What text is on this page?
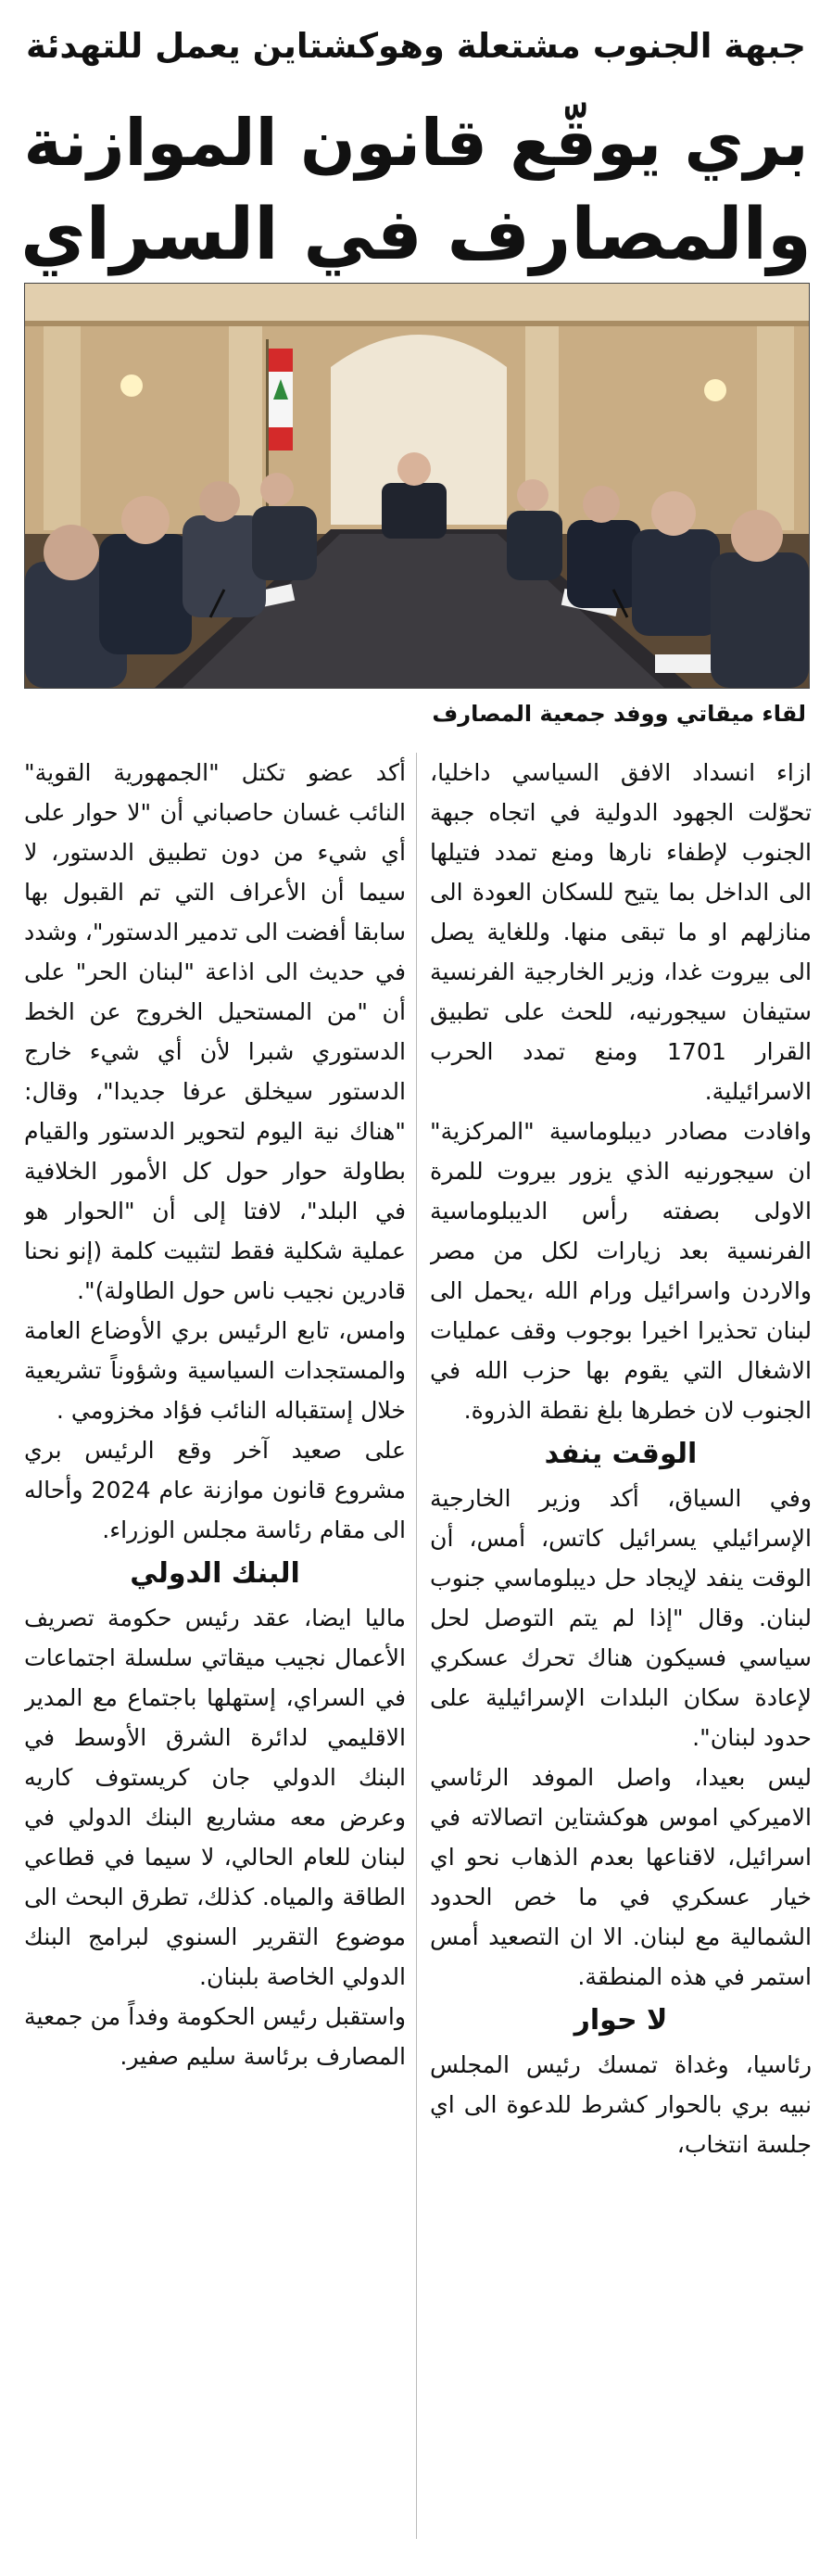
جبهة الجنوب مشتعلة وهوكشتاين يعمل للتهدئة
بري يوقّع قانون الموازنة
والمصارف في السراي
لقاء ميقاتي ووفد جمعية المصارف

ازاء انسداد الافق السياسي داخليا، تحوّلت الجهود الدولية في اتجاه جبهة الجنوب لإطفاء نارها ومنع تمدد فتيلها الى الداخل بما يتيح للسكان العودة الى منازلهم او ما تبقى منها. وللغاية يصل الى بيروت غدا، وزير الخارجية الفرنسية ستيفان سيجورنيه، للحث على تطبيق القرار 1701 ومنع تمدد الحرب الاسرائيلية.

وافادت مصادر ديبلوماسية "المركزية" ان سيجورنيه الذي يزور بيروت للمرة الاولى بصفته رأس الديبلوماسية الفرنسية بعد زيارات لكل من مصر والاردن واسرائيل ورام الله ،يحمل الى لبنان تحذيرا اخيرا بوجوب وقف عمليات الاشغال التي يقوم بها حزب الله في الجنوب لان خطرها بلغ نقطة الذروة.

الوقت ينفد

وفي السياق، أكد وزير الخارجية الإسرائيلي يسرائيل كاتس، أمس، أن الوقت ينفد لإيجاد حل ديبلوماسي جنوب لبنان. وقال "إذا لم يتم التوصل لحل سياسي فسيكون هناك تحرك عسكري لإعادة سكان البلدات الإسرائيلية على حدود لبنان".

ليس بعيدا، واصل الموفد الرئاسي الاميركي اموس هوكشتاين اتصالاته في اسرائيل، لاقناعها بعدم الذهاب نحو اي خيار عسكري في ما خص الحدود الشمالية مع لبنان. الا ان التصعيد أمس استمر في هذه المنطقة.

لا حوار

رئاسيا، وغداة تمسك رئيس المجلس نبيه بري بالحوار كشرط للدعوة الى اي جلسة انتخاب،

أكد عضو تكتل "الجمهورية القوية" النائب غسان حاصباني أن "لا حوار على أي شيء من دون تطبيق الدستور، لا سيما أن الأعراف التي تم القبول بها سابقا أفضت الى تدمير الدستور"، وشدد في حديث الى اذاعة "لبنان الحر" على أن "من المستحيل الخروج عن الخط الدستوري شبرا لأن أي شيء خارج الدستور سيخلق عرفا جديدا"، وقال: "هناك نية اليوم لتحوير الدستور والقيام بطاولة حوار حول كل الأمور الخلافية في البلد"، لافتا إلى أن "الحوار هو عملية شكلية فقط لتثبيت كلمة (إنو نحنا قادرين نجيب ناس حول الطاولة)".

وامس، تابع الرئيس بري الأوضاع العامة والمستجدات السياسية وشؤوناً تشريعية خلال إستقباله النائب فؤاد مخزومي .

على صعيد آخر وقع الرئيس بري مشروع قانون موازنة عام 2024 وأحاله الى مقام رئاسة مجلس الوزراء.

البنك الدولي

ماليا ايضا، عقد رئيس حكومة تصريف الأعمال نجيب ميقاتي سلسلة اجتماعات في السراي، إستهلها باجتماع مع المدير الاقليمي لدائرة الشرق الأوسط في البنك الدولي جان كريستوف كاريه وعرض معه مشاريع البنك الدولي في لبنان للعام الحالي، لا سيما في قطاعي الطاقة والمياه. كذلك، تطرق البحث الى موضوع التقرير السنوي لبرامج البنك الدولي الخاصة بلبنان.

واستقبل رئيس الحكومة وفداً من جمعية المصارف برئاسة سليم صفير.
